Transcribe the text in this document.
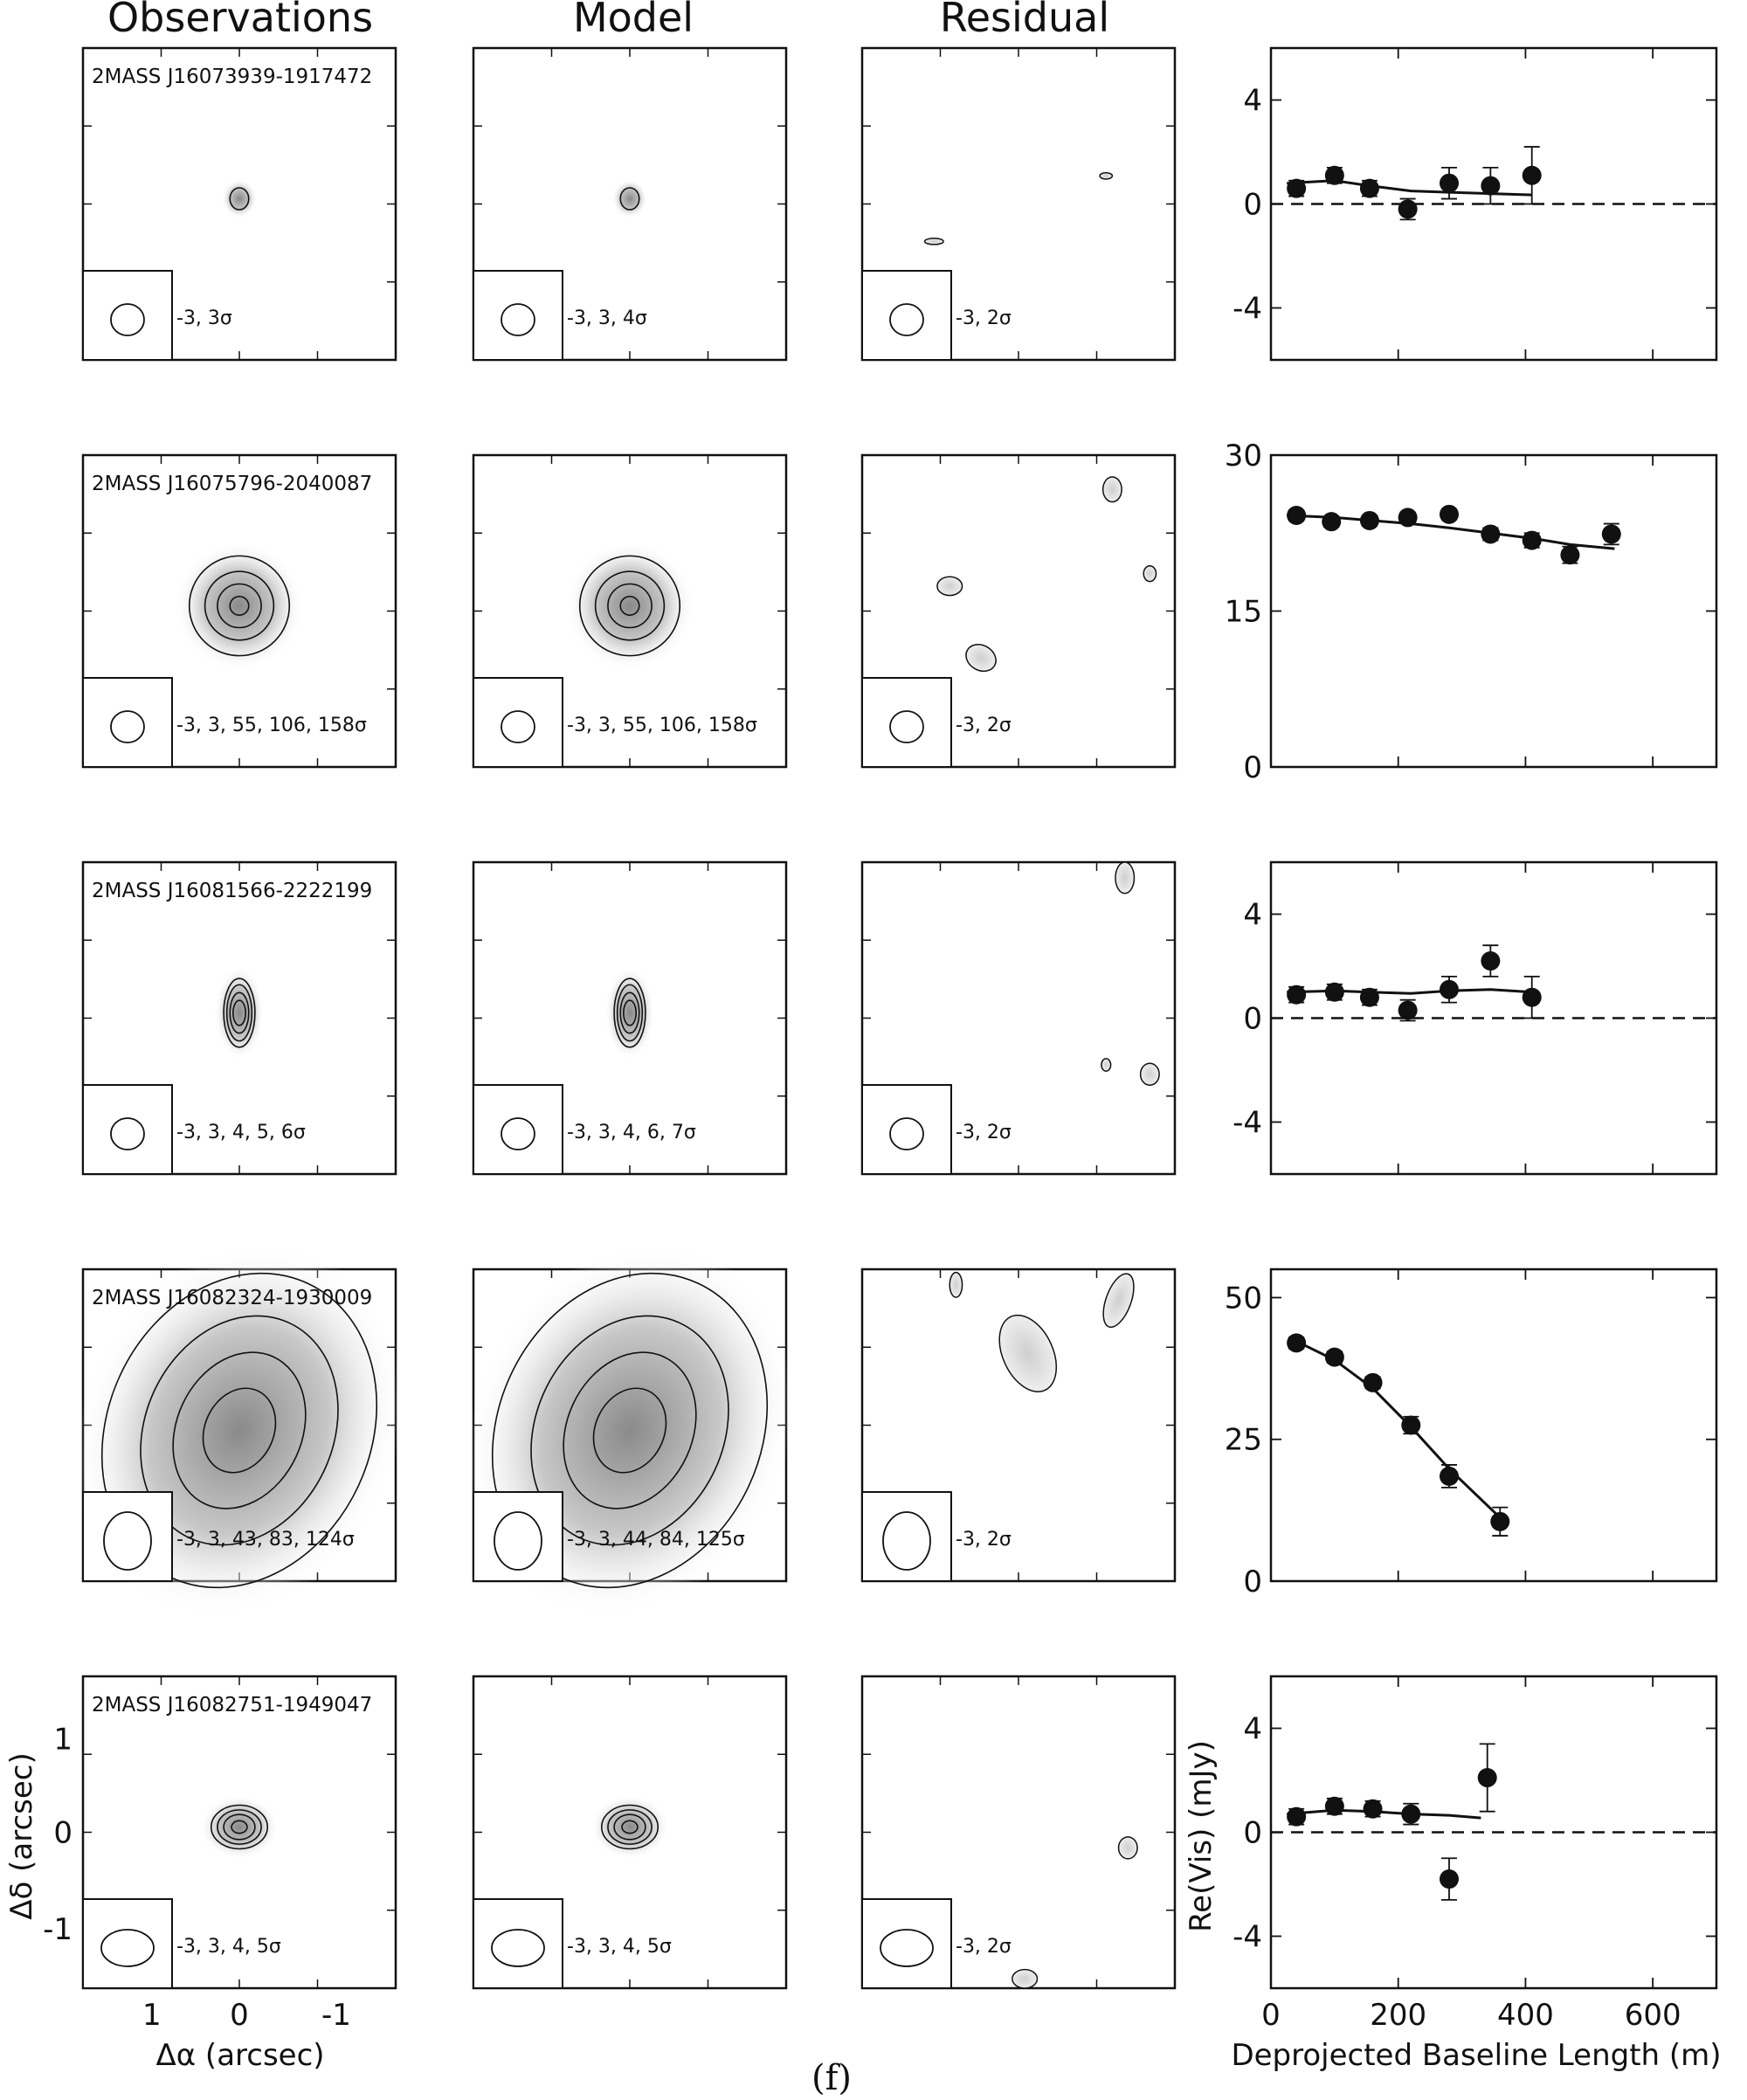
Observations	Model	Residual
-3, 3σ
2MASS J16073939-1917472
-3, 3, 4σ	-3, 2σ
4
0
-4
-3, 3, 55, 106, 158σ
2MASS J16075796-2040087
-3, 3, 55, 106, 158σ	-3, 2σ
30
15
0
-3, 3, 4, 5, 6σ
2MASS J16081566-2222199
-3, 3, 4, 6, 7σ	-3, 2σ
4
0
-4
-3, 3, 43, 83, 124σ
2MASS J16082324-1930009
-3, 3, 44, 84, 125σ	-3, 2σ
50
25
0
-3, 3, 4, 5σ
2MASS J16082751-1949047
-3, 3, 4, 5σ	-3, 2σ
4
0
-4
0	200 400 600
1 0 -1
1
0
-1
Δα (arcsec)
Δδ (arcsec)
Deprojected Baseline Length (m)
Re(Vis) (mJy)
(f)
